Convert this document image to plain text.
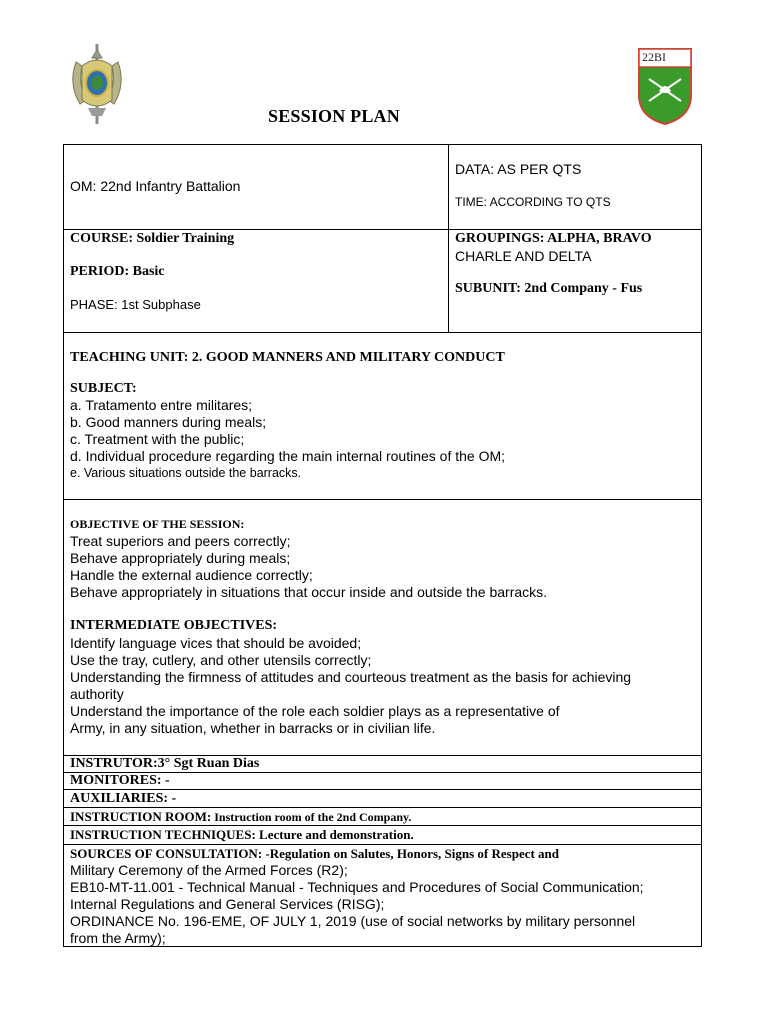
22BI
SESSION PLAN
OM: 22nd Infantry Battalion
DATA: AS PER QTS
TIME: ACCORDING TO QTS
COURSE: Soldier Training
PERIOD: Basic
PHASE: 1st Subphase
GROUPINGS: ALPHA, BRAVO
CHARLE AND DELTA
SUBUNIT: 2nd Company - Fus
TEACHING UNIT: 2. GOOD MANNERS AND MILITARY CONDUCT
SUBJECT:
a. Tratamento entre militares;
b. Good manners during meals;
c. Treatment with the public;
d. Individual procedure regarding the main internal routines of the OM;
e. Various situations outside the barracks.
OBJECTIVE OF THE SESSION:
Treat superiors and peers correctly;
Behave appropriately during meals;
Handle the external audience correctly;
Behave appropriately in situations that occur inside and outside the barracks.
INTERMEDIATE OBJECTIVES:
Identify language vices that should be avoided;
Use the tray, cutlery, and other utensils correctly;
Understanding the firmness of attitudes and courteous treatment as the basis for achieving
authority
Understand the importance of the role each soldier plays as a representative of
Army, in any situation, whether in barracks or in civilian life.
INSTRUTOR:3° Sgt Ruan Dias
MONITORES: -
AUXILIARIES: -
INSTRUCTION ROOM: Instruction room of the 2nd Company.
INSTRUCTION TECHNIQUES: Lecture and demonstration.
SOURCES OF CONSULTATION: -Regulation on Salutes, Honors, Signs of Respect and
Military Ceremony of the Armed Forces (R2);
EB10-MT-11.001 - Technical Manual - Techniques and Procedures of Social Communication;
Internal Regulations and General Services (RISG);
ORDINANCE No. 196-EME, OF JULY 1, 2019 (use of social networks by military personnel
from the Army);
